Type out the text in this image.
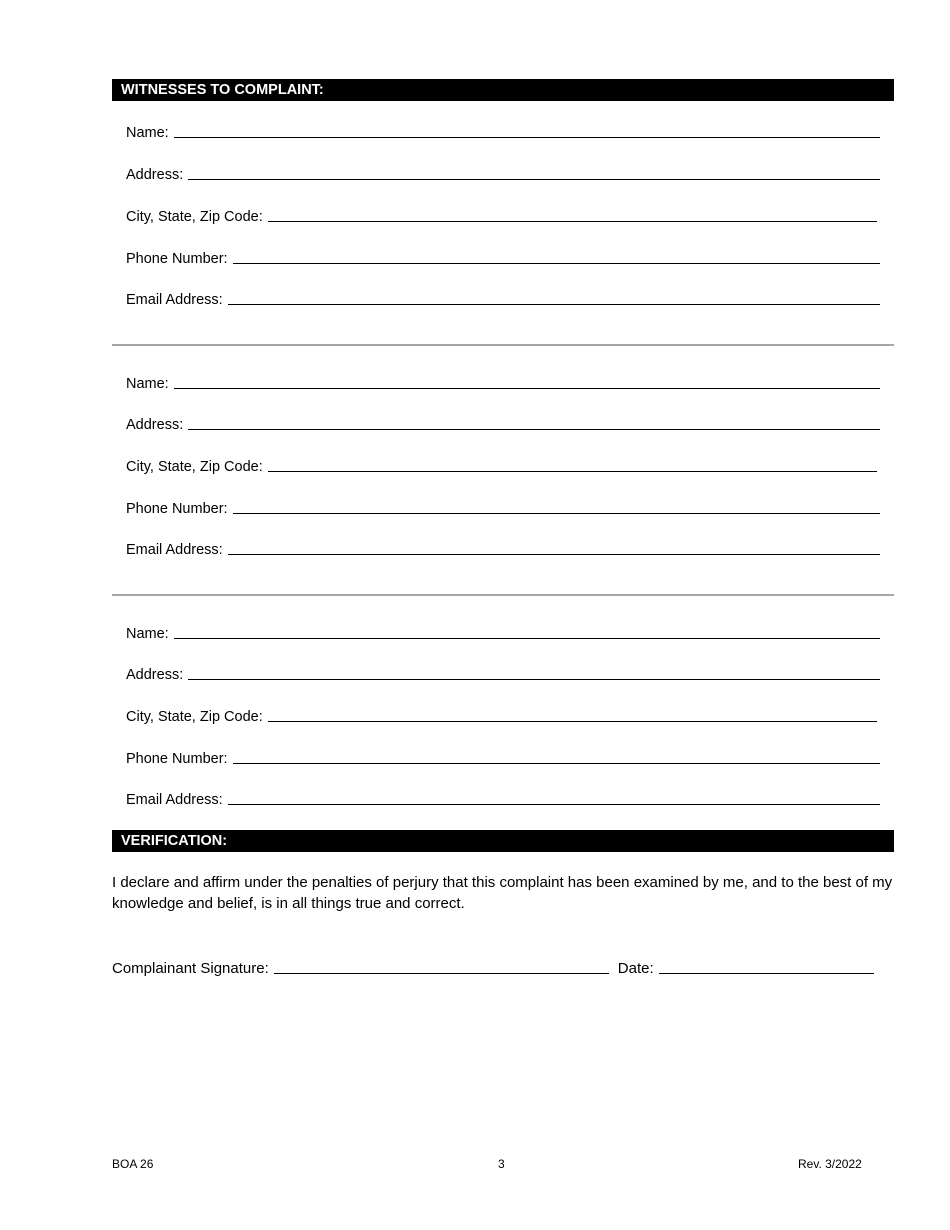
WITNESSES TO COMPLAINT:
Name:
Address:
City, State, Zip Code:
Phone Number:
Email Address:
Name:
Address:
City, State, Zip Code:
Phone Number:
Email Address:
Name:
Address:
City, State, Zip Code:
Phone Number:
Email Address:
VERIFICATION:
I declare and affirm under the penalties of perjury that this complaint has been examined by me, and to the best of my knowledge and belief, is in all things true and correct.
Complainant Signature:	Date:
BOA 26	3	Rev. 3/2022
